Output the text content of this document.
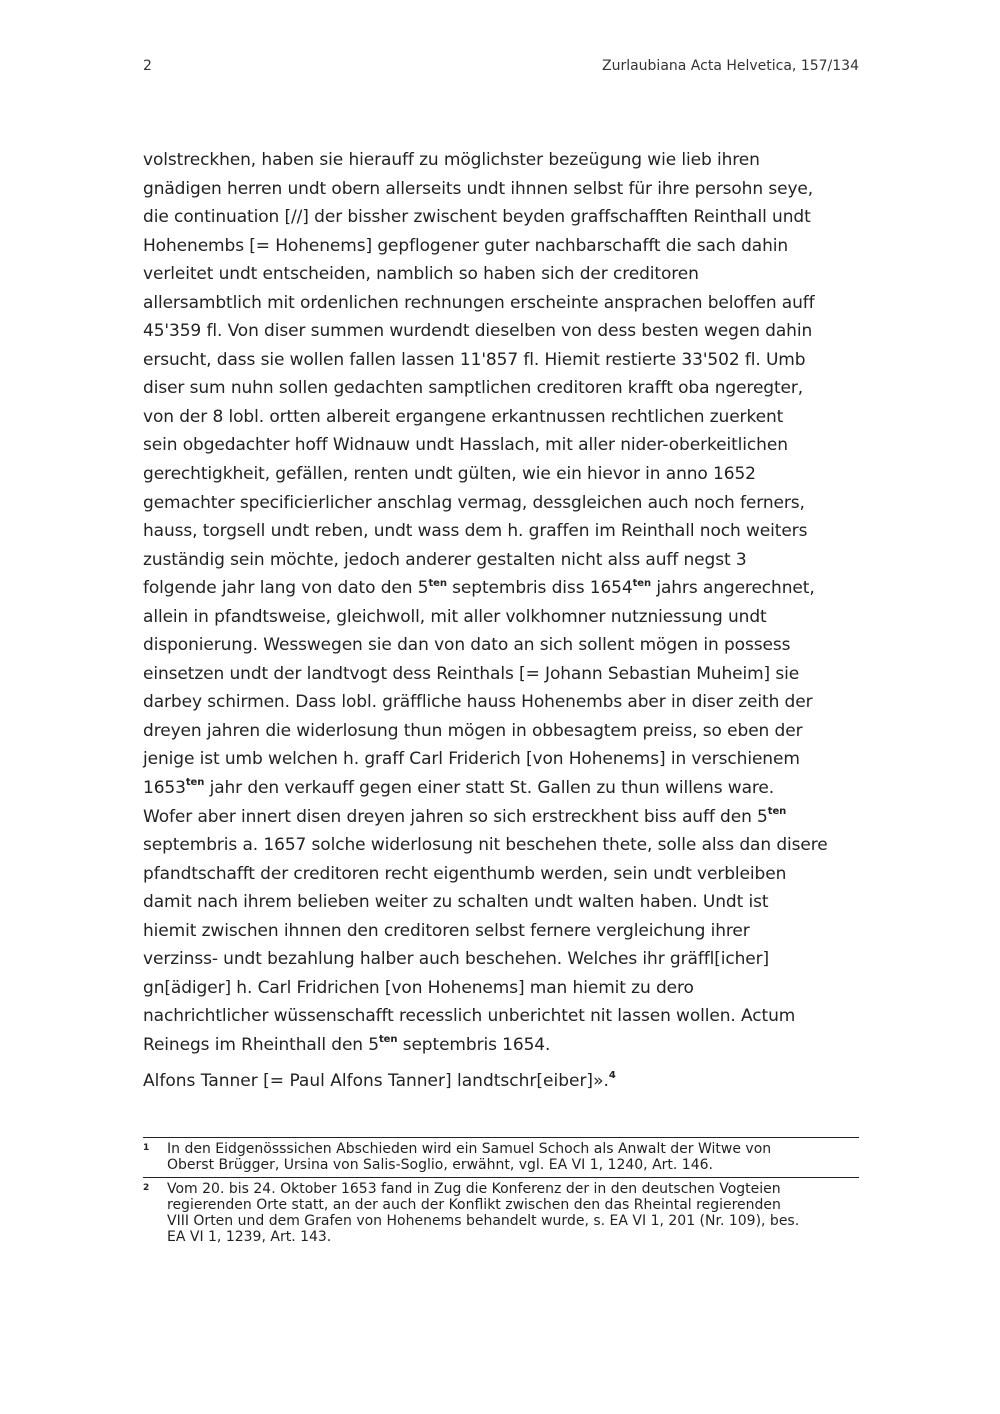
2	Zurlaubiana Acta Helvetica, 157/134
volstreckhen, haben sie hierauff zu möglichster bezeügung wie lieb ihren
gnädigen herren undt obern allerseits undt ihnnen selbst für ihre persohn seye,
die continuation [//] der bissher zwischent beyden graffschafften Reinthall undt
Hohenembs [= Hohenems] gepflogener guter nachbarschafft die sach dahin
verleitet undt entscheiden, namblich so haben sich der creditoren
allersambtlich mit ordenlichen rechnungen erscheinte ansprachen beloffen auff
45'359 fl. Von diser summen wurdendt dieselben von dess besten wegen dahin
ersucht, dass sie wollen fallen lassen 11'857 fl. Hiemit restierte 33'502 fl. Umb
diser sum nuhn sollen gedachten samptlichen creditoren krafft oba ngeregter,
von der 8 lobl. ortten albereit ergangene erkantnussen rechtlichen zuerkent
sein obgedachter hoff Widnauw undt Hasslach, mit aller nider-oberkeitlichen
gerechtigkheit, gefällen, renten undt gülten, wie ein hievor in anno 1652
gemachter specificierlicher anschlag vermag, dessgleichen auch noch ferners,
hauss, torgsell undt reben, undt wass dem h. graffen im Reinthall noch weiters
zuständig sein möchte, jedoch anderer gestalten nicht alss auff negst 3
folgende jahr lang von dato den $5^{ten}$ septembris diss $1654^{ten}$ jahrs angerechnet,
allein in pfandtsweise, gleichwoll, mit aller volkhomner nutzniessung undt
disponierung. Wesswegen sie dan von dato an sich sollent mögen in possess
einsetzen undt der landtvogt dess Reinthals [= Johann Sebastian Muheim] sie
darbey schirmen. Dass lobl. gräffliche hauss Hohenembs aber in diser zeith der
dreyen jahren die widerlosung thun mögen in obbesagtem preiss, so eben der
jenige ist umb welchen h. graff Carl Friderich [von Hohenems] in verschienem
$1653^{ten}$ jahr den verkauff gegen einer statt St. Gallen zu thun willens ware.
Wofer aber innert disen dreyen jahren so sich erstreckhent biss auff den $5^{ten}$
septembris a. 1657 solche widerlosung nit beschehen thete, solle alss dan disere
pfandtschafft der creditoren recht eigenthumb werden, sein undt verbleiben
damit nach ihrem belieben weiter zu schalten undt walten haben. Undt ist
hiemit zwischen ihnnen den creditoren selbst fernere vergleichung ihrer
verzinss- undt bezahlung halber auch beschehen. Welches ihr gräffl[icher]
gn[ädiger] h. Carl Fridrichen [von Hohenems] man hiemit zu dero
nachrichtlicher wüssenschafft recesslich unberichtet nit lassen wollen. Actum
Reinegs im Rheinthall den $5^{ten}$ septembris 1654.
Alfons Tanner [= Paul Alfons Tanner] landtschr[eiber]».$^4$
1 In den Eidgenösssichen Abschieden wird ein Samuel Schoch als Anwalt der Witwe von
Oberst Brügger, Ursina von Salis-Soglio, erwähnt, vgl. EA VI 1, 1240, Art. 146.
2 Vom 20. bis 24. Oktober 1653 fand in Zug die Konferenz der in den deutschen Vogteien
regierenden Orte statt, an der auch der Konflikt zwischen den das Rheintal regierenden
VIII Orten und dem Grafen von Hohenems behandelt wurde, s. EA VI 1, 201 (Nr. 109), bes.
EA VI 1, 1239, Art. 143.
